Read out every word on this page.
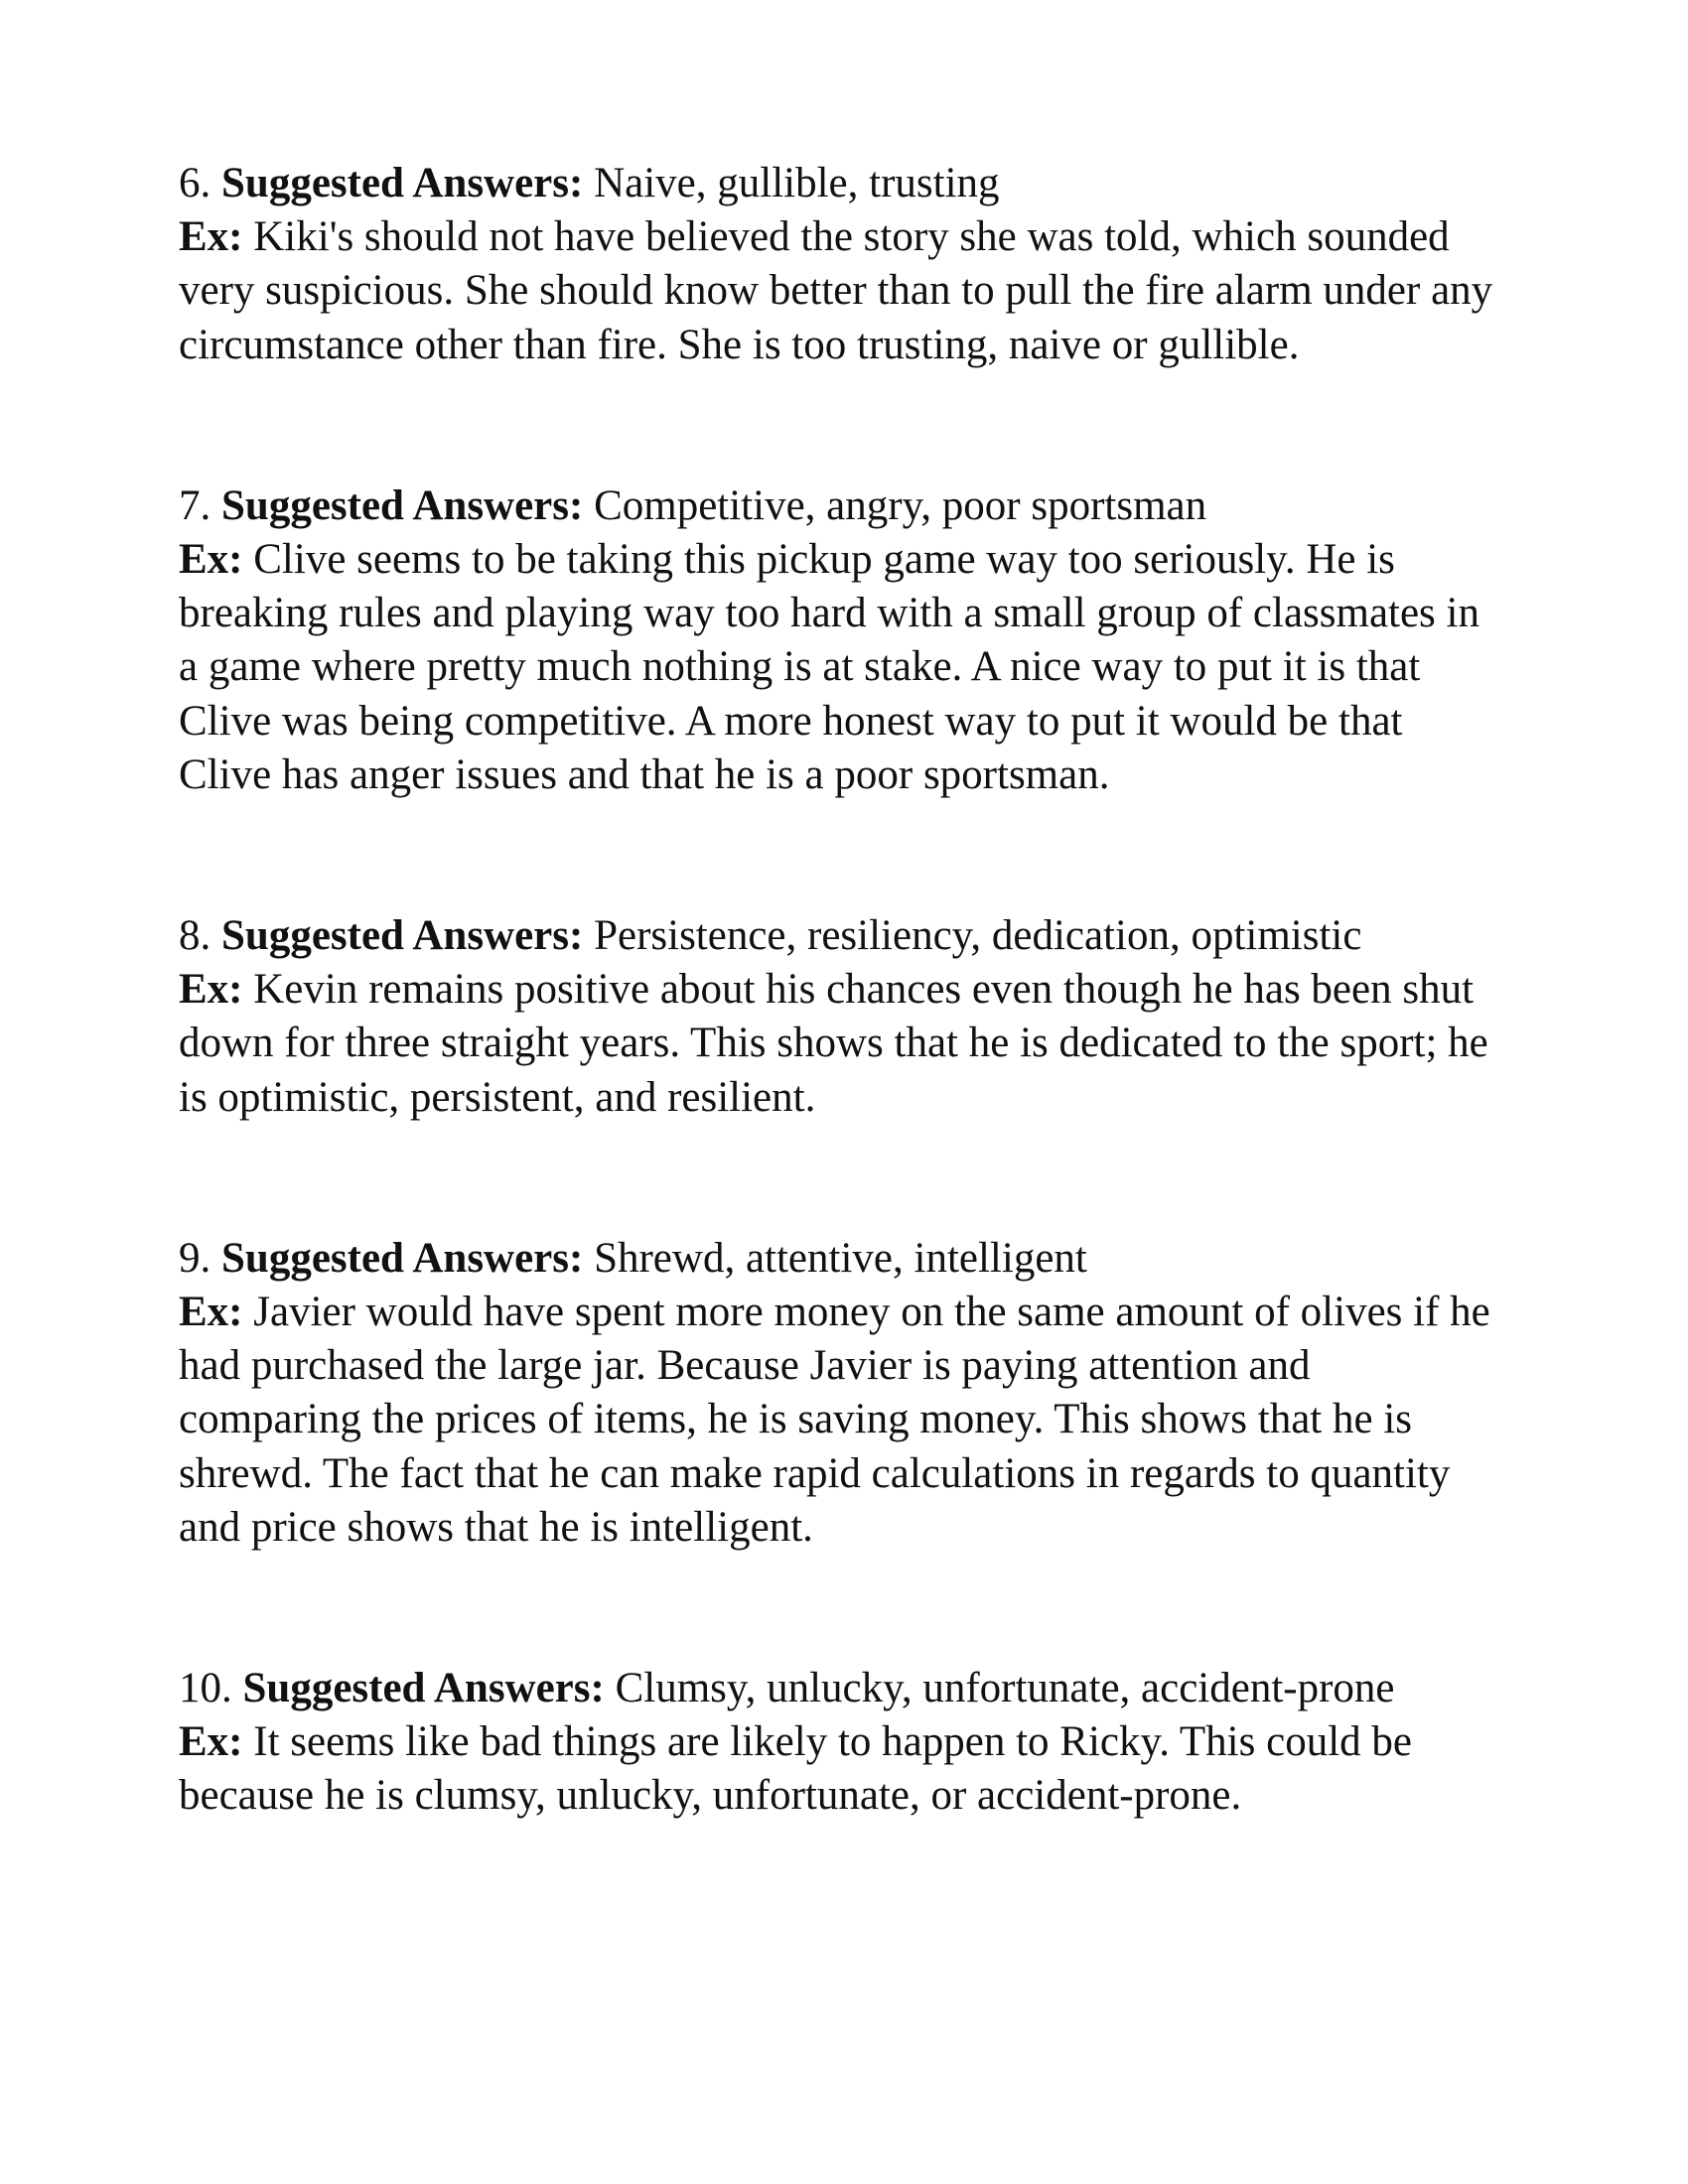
6. Suggested Answers: Naive, gullible, trusting

Ex: Kiki's should not have believed the story she was told, which sounded very suspicious. She should know better than to pull the fire alarm under any circumstance other than fire. She is too trusting, naive or gullible.

7. Suggested Answers: Competitive, angry, poor sportsman

Ex: Clive seems to be taking this pickup game way too seriously. He is breaking rules and playing way too hard with a small group of classmates in a game where pretty much nothing is at stake. A nice way to put it is that Clive was being competitive. A more honest way to put it would be that Clive has anger issues and that he is a poor sportsman.

8. Suggested Answers: Persistence, resiliency, dedication, optimistic

Ex: Kevin remains positive about his chances even though he has been shut down for three straight years. This shows that he is dedicated to the sport; he is optimistic, persistent, and resilient.

9. Suggested Answers: Shrewd, attentive, intelligent

Ex: Javier would have spent more money on the same amount of olives if he had purchased the large jar. Because Javier is paying attention and comparing the prices of items, he is saving money. This shows that he is shrewd. The fact that he can make rapid calculations in regards to quantity and price shows that he is intelligent.

10. Suggested Answers: Clumsy, unlucky, unfortunate, accident-prone

Ex: It seems like bad things are likely to happen to Ricky. This could be because he is clumsy, unlucky, unfortunate, or accident-prone.
